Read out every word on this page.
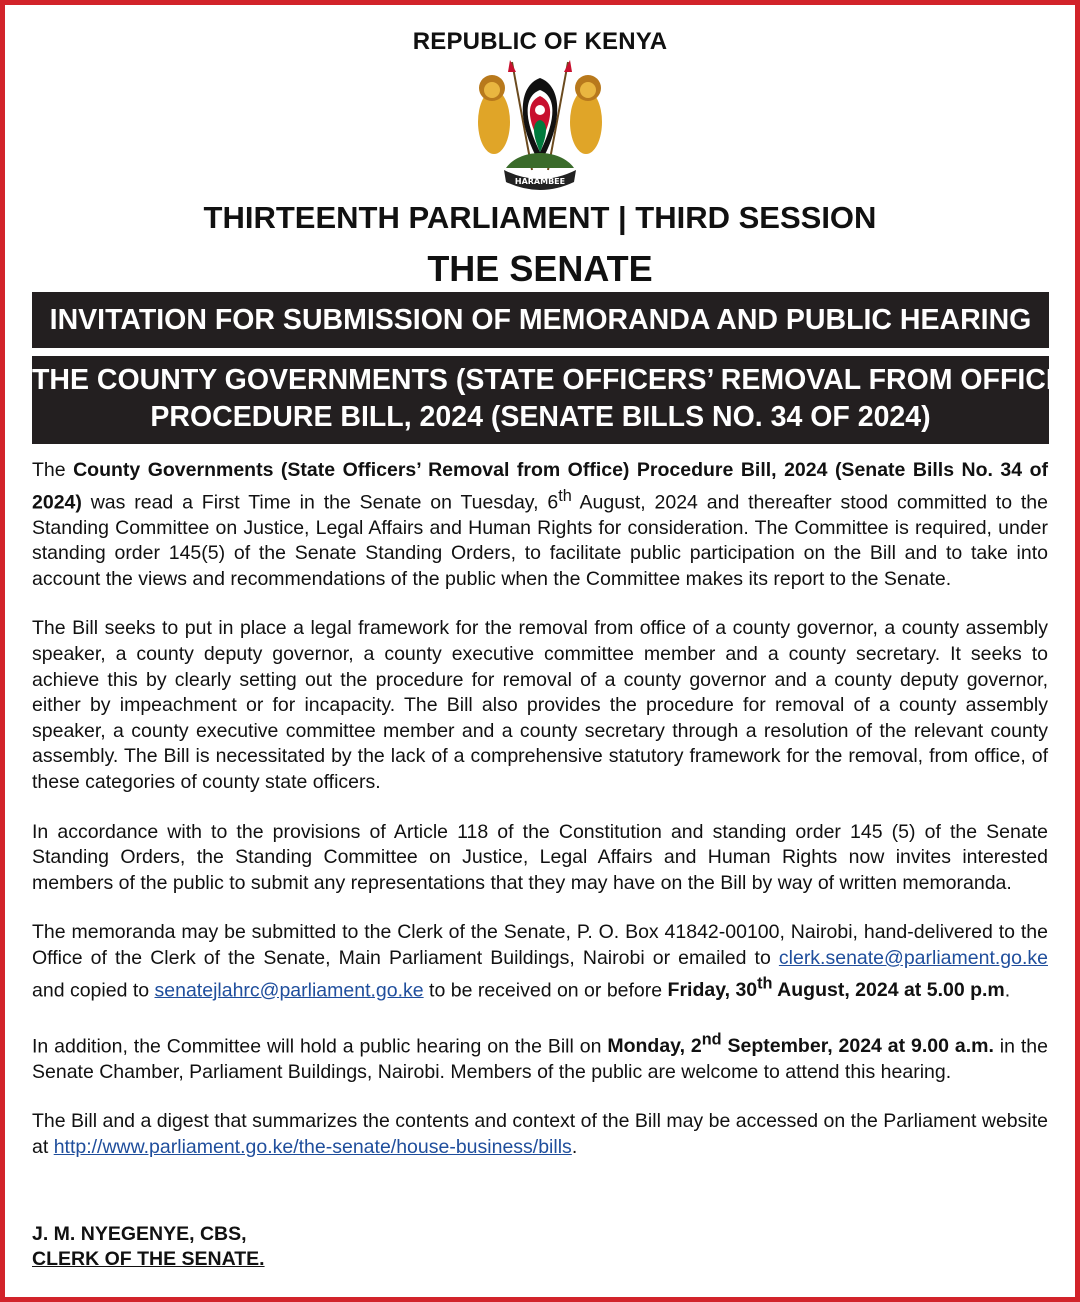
REPUBLIC OF KENYA
HARAMBEE
THIRTEENTH PARLIAMENT | THIRD SESSION
THE SENATE
INVITATION FOR SUBMISSION OF MEMORANDA AND PUBLIC HEARING
THE COUNTY GOVERNMENTS (STATE OFFICERS’ REMOVAL FROM OFFICE)
PROCEDURE BILL, 2024 (SENATE BILLS NO. 34 OF 2024)

The County Governments (State Officers’ Removal from Office) Procedure Bill, 2024 (Senate Bills No. 34 of 2024) was read a First Time in the Senate on Tuesday, 6th August, 2024 and thereafter stood committed to the Standing Committee on Justice, Legal Affairs and Human Rights for consideration. The Committee is required, under standing order 145(5) of the Senate Standing Orders, to facilitate public participation on the Bill and to take into account the views and recommendations of the public when the Committee makes its report to the Senate.

The Bill seeks to put in place a legal framework for the removal from office of a county governor, a county assembly speaker, a county deputy governor, a county executive committee member and a county secretary. It seeks to achieve this by clearly setting out the procedure for removal of a county governor and a county deputy governor, either by impeachment or for incapacity. The Bill also provides the procedure for removal of a county assembly speaker, a county executive committee member and a county secretary through a resolution of the relevant county assembly. The Bill is necessitated by the lack of a comprehensive statutory framework for the removal, from office, of these categories of county state officers.

In accordance with to the provisions of Article 118 of the Constitution and standing order 145 (5) of the Senate Standing Orders, the Standing Committee on Justice, Legal Affairs and Human Rights now invites interested members of the public to submit any representations that they may have on the Bill by way of written memoranda.

The memoranda may be submitted to the Clerk of the Senate, P. O. Box 41842-00100, Nairobi, hand-delivered to the Office of the Clerk of the Senate, Main Parliament Buildings, Nairobi or emailed to clerk.senate@parliament.go.ke and copied to senatejlahrc@parliament.go.ke to be received on or before Friday, 30th August, 2024 at 5.00 p.m.

In addition, the Committee will hold a public hearing on the Bill on Monday, 2nd September, 2024 at 9.00 a.m. in the Senate Chamber, Parliament Buildings, Nairobi. Members of the public are welcome to attend this hearing.

The Bill and a digest that summarizes the contents and context of the Bill may be accessed on the Parliament website at http://www.parliament.go.ke/the-senate/house-business/bills.

J. M. NYEGENYE, CBS,
CLERK OF THE SENATE.
